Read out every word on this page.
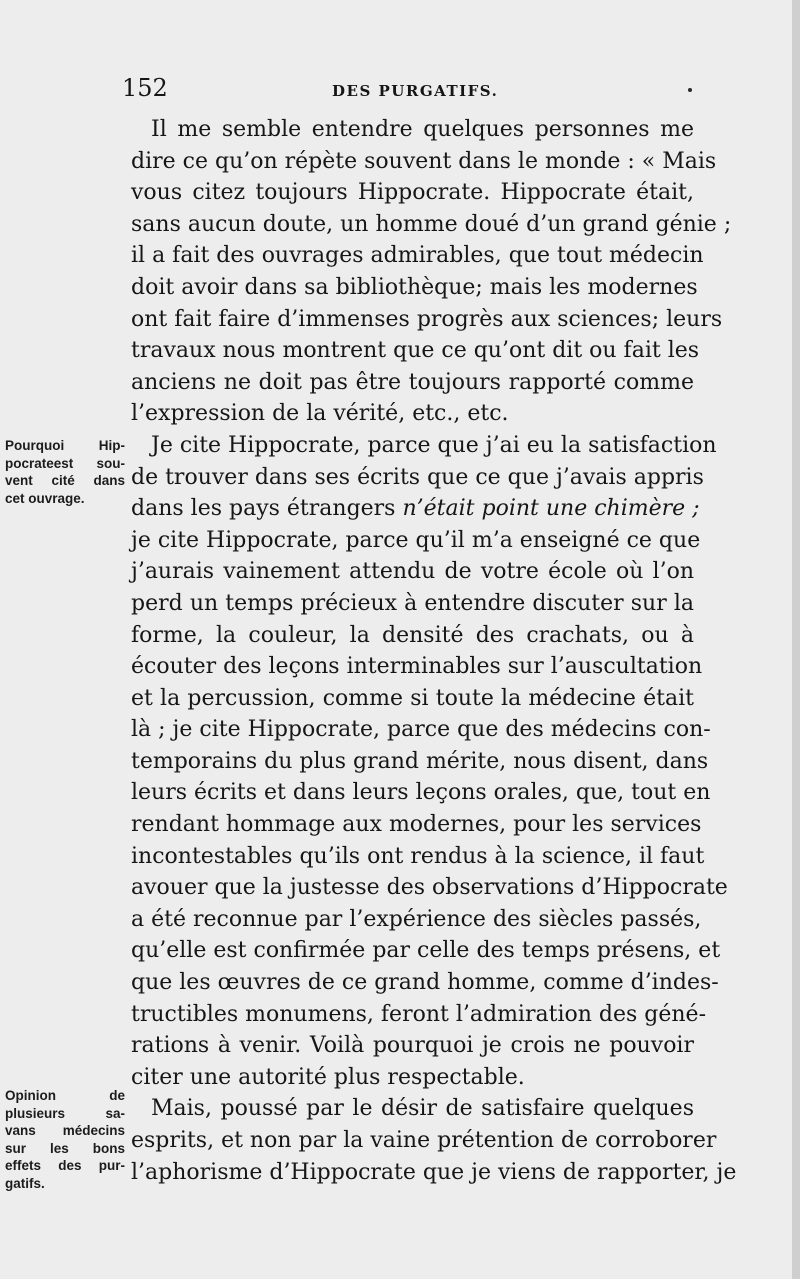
152	DES PURGATIFS.
Pourquoi Hip-
pocrateest sou-
vent cité dans
cet ouvrage.
Opinion de
plusieurs sa-
vans médecins
sur les bons
effets des pur-
gatifs.
Il me semble entendre quelques personnes me
dire ce qu’on répète souvent dans le monde : « Mais
vous citez toujours Hippocrate. Hippocrate était,
sans aucun doute, un homme doué d’un grand génie ;
il a fait des ouvrages admirables, que tout médecin
doit avoir dans sa bibliothèque; mais les modernes
ont fait faire d’immenses progrès aux sciences; leurs
travaux nous montrent que ce qu’ont dit ou fait les
anciens ne doit pas être toujours rapporté comme
l’expression de la vérité, etc., etc.
Je cite Hippocrate, parce que j’ai eu la satisfaction
de trouver dans ses écrits que ce que j’avais appris
dans les pays étrangers n’était point une chimère ;
je cite Hippocrate, parce qu’il m’a enseigné ce que
j’aurais vainement attendu de votre école où l’on
perd un temps précieux à entendre discuter sur la
forme, la couleur, la densité des crachats, ou à
écouter des leçons interminables sur l’auscultation
et la percussion, comme si toute la médecine était
là ; je cite Hippocrate, parce que des médecins con-
temporains du plus grand mérite, nous disent, dans
leurs écrits et dans leurs leçons orales, que, tout en
rendant hommage aux modernes, pour les services
incontestables qu’ils ont rendus à la science, il faut
avouer que la justesse des observations d’Hippocrate
a été reconnue par l’expérience des siècles passés,
qu’elle est confirmée par celle des temps présens, et
que les œuvres de ce grand homme, comme d’indes-
tructibles monumens, feront l’admiration des géné-
rations à venir. Voilà pourquoi je crois ne pouvoir
citer une autorité plus respectable.
Mais, poussé par le désir de satisfaire quelques
esprits, et non par la vaine prétention de corroborer
l’aphorisme d’Hippocrate que je viens de rapporter, je
